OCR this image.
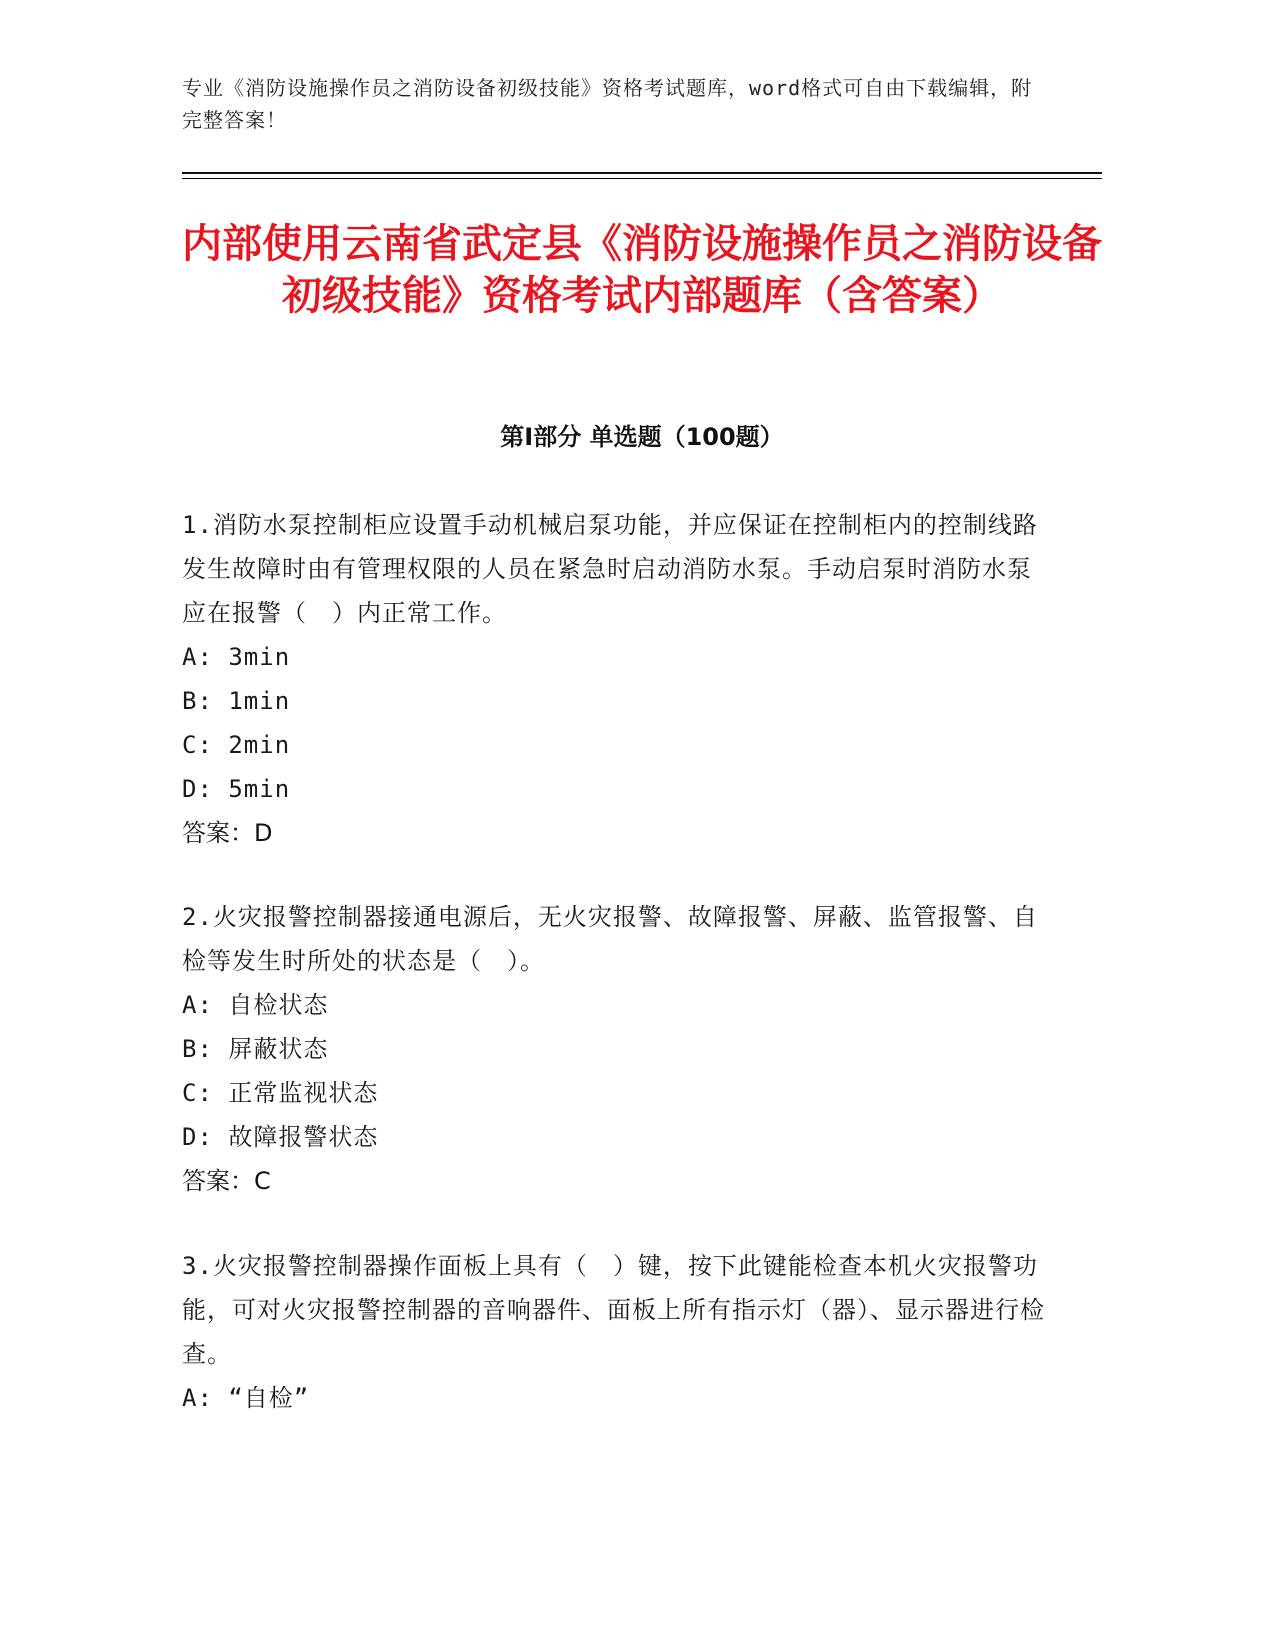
专业《消防设施操作员之消防设备初级技能》资格考试题库，word格式可自由下载编辑，附完整答案！
内部使用云南省武定县《消防设施操作员之消防设备初级技能》资格考试内部题库（含答案）
第Ⅰ部分 单选题（100题）

1.消防水泵控制柜应设置手动机械启泵功能，并应保证在控制柜内的控制线路发生故障时由有管理权限的人员在紧急时启动消防水泵。手动启泵时消防水泵应在报警（　）内正常工作。

A: 3min

B: 1min

C: 2min

D: 5min

答案：D

2.火灾报警控制器接通电源后，无火灾报警、故障报警、屏蔽、监管报警、自检等发生时所处的状态是（　）。

A: 自检状态

B: 屏蔽状态

C: 正常监视状态

D: 故障报警状态

答案：C

3.火灾报警控制器操作面板上具有（　）键，按下此键能检查本机火灾报警功能，可对火灾报警控制器的音响器件、面板上所有指示灯（器）、显示器进行检查。

A: “自检”
